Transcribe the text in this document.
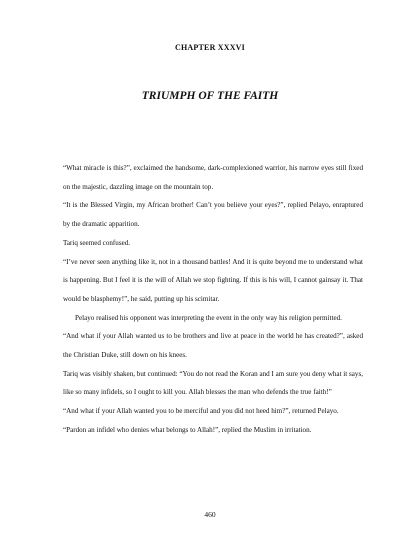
CHAPTER XXXVI
TRIUMPH OF THE FAITH

“What miracle is this?”, exclaimed the handsome, dark-complexioned warrior, his narrow eyes still fixed on the majestic, dazzling image on the mountain top.

“It is the Blessed Virgin, my African brother! Can’t you believe your eyes?”, replied Pelayo, enraptured by the dramatic apparition.

Tariq seemed confused.

“I’ve never seen anything like it, not in a thousand battles! And it is quite beyond me to understand what is happening. But I feel it is the will of Allah we stop fighting. If this is his will, I cannot gainsay it. That would be blasphemy!”, he said, putting up his scimitar.

Pelayo realised his opponent was interpreting the event in the only way his religion permitted.

“And what if your Allah wanted us to be brothers and live at peace in the world he has created?”, asked the Christian Duke, still down on his knees.

Tariq was visibly shaken, but continued: “You do not read the Koran and I am sure you deny what it says, like so many infidels, so I ought to kill you. Allah blesses the man who defends the true faith!”

“And what if your Allah wanted you to be merciful and you did not heed him?”, returned Pelayo.

“Pardon an infidel who denies what belongs to Allah!”, replied the Muslim in irritation.

460
